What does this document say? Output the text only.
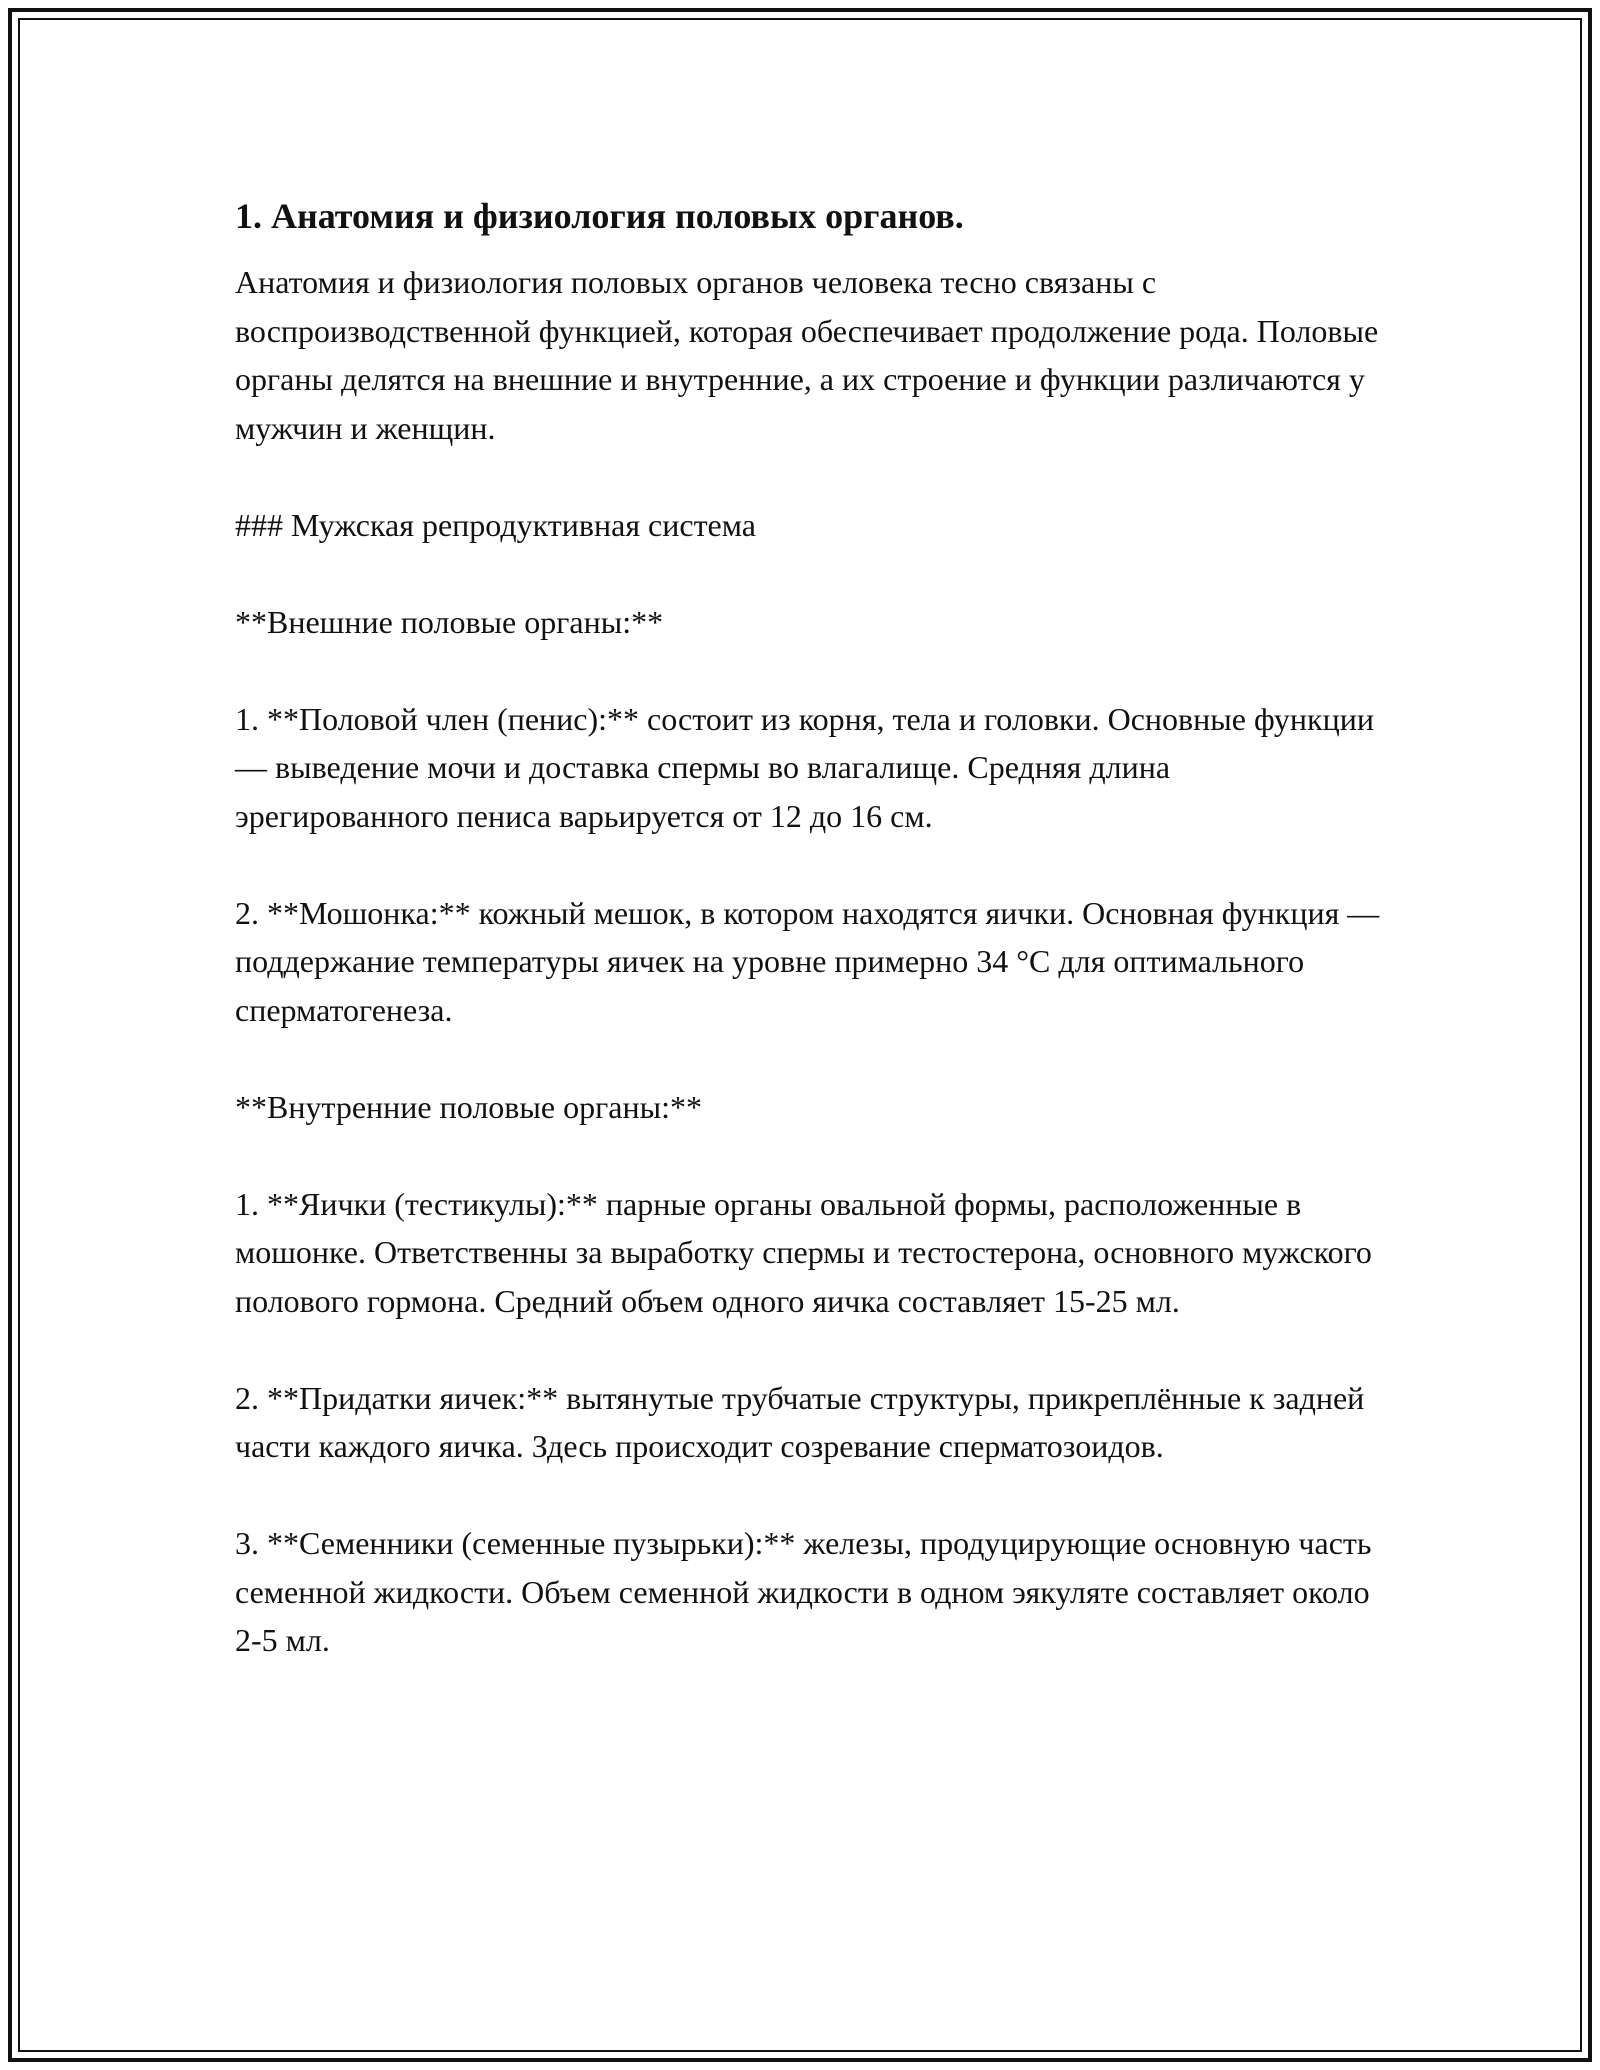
1. Анатомия и физиология половых органов.

Анатомия и физиология половых органов человека тесно связаны с воспроизводственной функцией, которая обеспечивает продолжение рода. Половые органы делятся на внешние и внутренние, а их строение и функции различаются у мужчин и женщин.

### Мужская репродуктивная система

**Внешние половые органы:**

1. **Половой член (пенис):** состоит из корня, тела и головки. Основные функции — выведение мочи и доставка спермы во влагалище. Средняя длина эрегированного пениса варьируется от 12 до 16 см.

2. **Мошонка:** кожный мешок, в котором находятся яички. Основная функция — поддержание температуры яичек на уровне примерно 34 °C для оптимального сперматогенеза.

**Внутренние половые органы:**

1. **Яички (тестикулы):** парные органы овальной формы, расположенные в мошонке. Ответственны за выработку спермы и тестостерона, основного мужского полового гормона. Средний объем одного яичка составляет 15-25 мл.

2. **Придатки яичек:** вытянутые трубчатые структуры, прикреплённые к задней части каждого яичка. Здесь происходит созревание сперматозоидов.

3. **Семенники (семенные пузырьки):** железы, продуцирующие основную часть семенной жидкости. Объем семенной жидкости в одном эякуляте составляет около 2-5 мл.
